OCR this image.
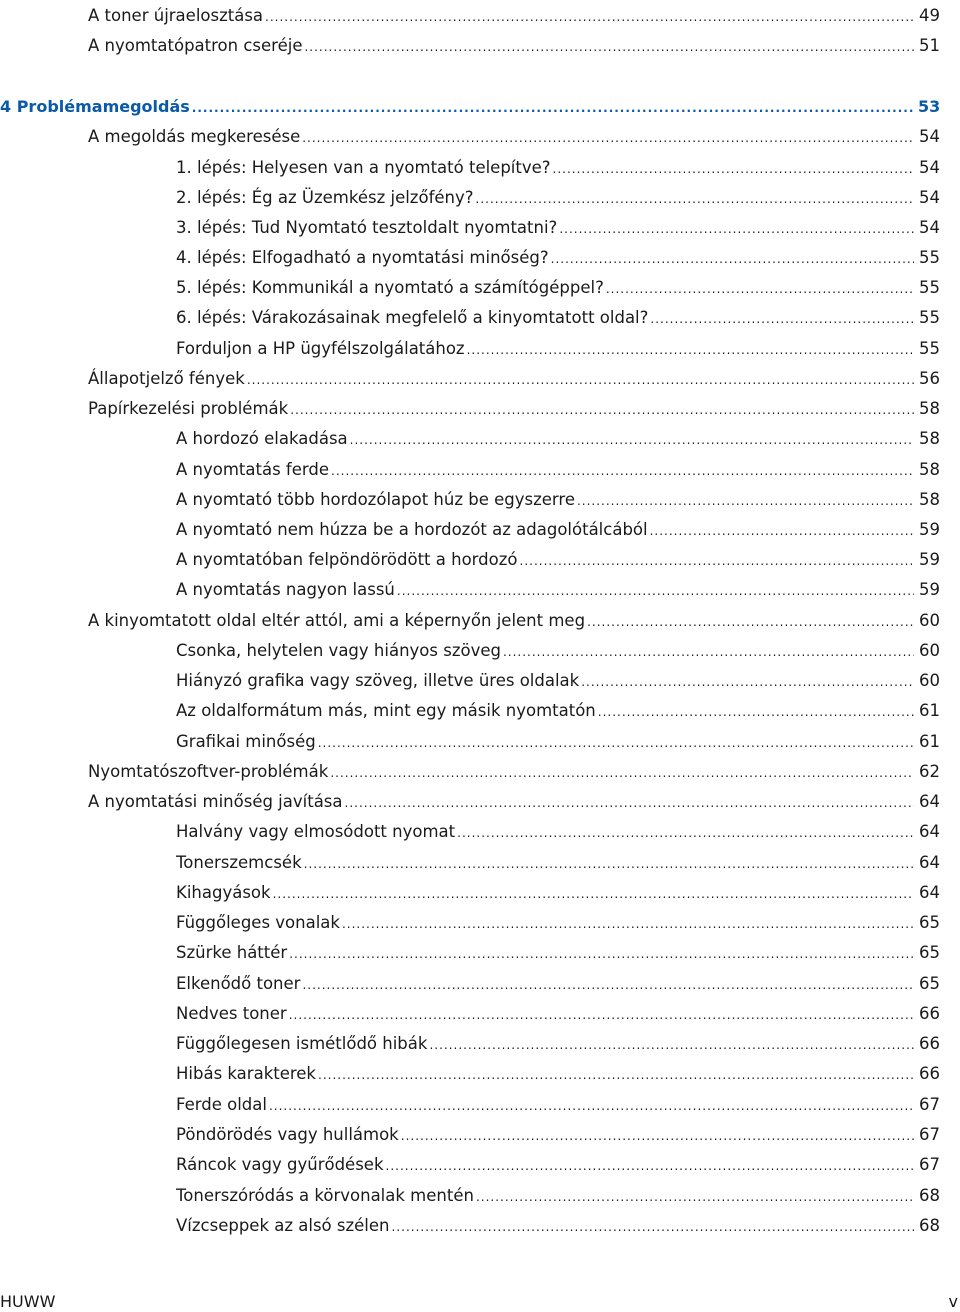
A toner újraelosztása .....	49
A nyomtatópatron cseréje .....	51
4 Problémamegoldás .....	53
A megoldás megkeresése .....	54
1. lépés: Helyesen van a nyomtató telepítve? .....	54
2. lépés: Ég az Üzemkész jelzőfény? .....	54
3. lépés: Tud Nyomtató tesztoldalt nyomtatni? .....	54
4. lépés: Elfogadható a nyomtatási minőség? .....	55
5. lépés: Kommunikál a nyomtató a számítógéppel? .....	55
6. lépés: Várakozásainak megfelelő a kinyomtatott oldal? .....	55
Forduljon a HP ügyfélszolgálatához .....	55
Állapotjelző fények .....	56
Papírkezelési problémák .....	58
A hordozó elakadása .....	58
A nyomtatás ferde .....	58
A nyomtató több hordozólapot húz be egyszerre .....	58
A nyomtató nem húzza be a hordozót az adagolótálcából .....	59
A nyomtatóban felpöndörödött a hordozó .....	59
A nyomtatás nagyon lassú .....	59
A kinyomtatott oldal eltér attól, ami a képernyőn jelent meg .....	60
Csonka, helytelen vagy hiányos szöveg .....	60
Hiányzó grafika vagy szöveg, illetve üres oldalak .....	60
Az oldalformátum más, mint egy másik nyomtatón .....	61
Grafikai minőség .....	61
Nyomtatószoftver-problémák .....	62
A nyomtatási minőség javítása .....	64
Halvány vagy elmosódott nyomat .....	64
Tonerszemcsék .....	64
Kihagyások .....	64
Függőleges vonalak .....	65
Szürke háttér .....	65
Elkenődő toner .....	65
Nedves toner .....	66
Függőlegesen ismétlődő hibák .....	66
Hibás karakterek .....	66
Ferde oldal .....	67
Pöndörödés vagy hullámok .....	67
Ráncok vagy gyűrődések .....	67
Tonerszóródás a körvonalak mentén .....	68
Vízcseppek az alsó szélen .....	68
HUWW	v
